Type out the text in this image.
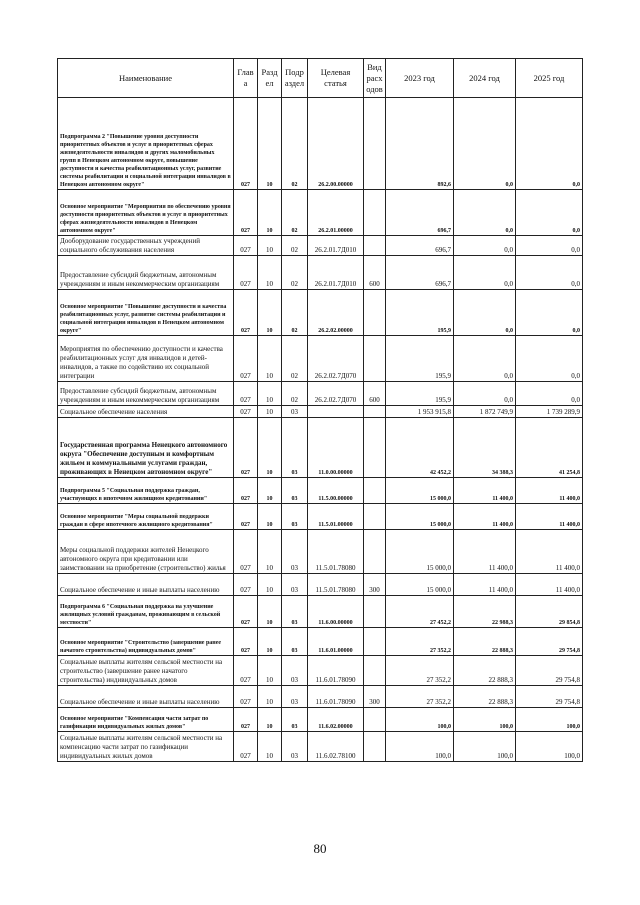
Наименование	Глав а	Разд ел	Подр аздел	Целевая статья	Вид расх одов	2023 год	2024 год	2025 год
Подпрограмма 2 "Повышение уровня доступности приоритетных объектов и услуг в приоритетных сферах жизнедеятельности инвалидов и других маломобильных групп в Ненецком автономном округе, повышение доступности и качества реабилитационных услуг, развитие системы реабилитации и социальной интеграции инвалидов в Ненецком автономном округе"	027	10	02	26.2.00.00000		892,6	0,0	0,0
Основное мероприятие "Мероприятия по обеспечению уровня доступности приоритетных объектов и услуг в приоритетных сферах жизнедеятельности инвалидов в Ненецком автономном округе"	027	10	02	26.2.01.00000		696,7	0,0	0,0
Дооборудование государственных учреждений социального обслуживания населения	027	10	02	26.2.01.7Д010		696,7	0,0	0,0
Предоставление субсидий бюджетным, автономным учреждениям и иным некоммерческим организациям	027	10	02	26.2.01.7Д010	600	696,7	0,0	0,0
Основное мероприятие "Повышение доступности и качества реабилитационных услуг, развитие системы реабилитации и социальной интеграции инвалидов в Ненецком автономном округе"	027	10	02	26.2.02.00000		195,9	0,0	0,0
Мероприятия по обеспечению доступности и качества реабилитационных услуг для инвалидов и детей-инвалидов, а также по содействию их социальной интеграции	027	10	02	26.2.02.7Д070		195,9	0,0	0,0
Предоставление субсидий бюджетным, автономным учреждениям и иным некоммерческим организациям	027	10	02	26.2.02.7Д070	600	195,9	0,0	0,0
Социальное обеспечение населения	027	10	03			1 953 915,8	1 872 749,9	1 739 289,9
Государственная программа Ненецкого автономного округа "Обеспечение доступным и комфортным жильем и коммунальными услугами граждан, проживающих в Ненецком автономном округе"	027	10	03	11.0.00.00000		42 452,2	34 388,3	41 254,8
Подпрограмма 5 "Социальная поддержка граждан, участвующих в ипотечном жилищном кредитовании"	027	10	03	11.5.00.00000		15 000,0	11 400,0	11 400,0
Основное мероприятие "Меры социальной поддержки граждан в сфере ипотечного жилищного кредитования"	027	10	03	11.5.01.00000		15 000,0	11 400,0	11 400,0
Меры социальной поддержки жителей Ненецкого автономного округа при кредитовании или заимствовании на приобретение (строительство) жилья	027	10	03	11.5.01.78080		15 000,0	11 400,0	11 400,0
Социальное обеспечение и иные выплаты населению	027	10	03	11.5.01.78080	300	15 000,0	11 400,0	11 400,0
Подпрограмма 6 "Социальная поддержка на улучшение жилищных условий гражданам, проживающим в сельской местности"	027	10	03	11.6.00.00000		27 452,2	22 988,3	29 854,8
Основное мероприятие "Строительство (завершение ранее начатого строительства) индивидуальных домов"	027	10	03	11.6.01.00000		27 352,2	22 888,3	29 754,8
Социальные выплаты жителям сельской местности на строительство (завершение ранее начатого строительства) индивидуальных домов	027	10	03	11.6.01.78090		27 352,2	22 888,3	29 754,8
Социальное обеспечение и иные выплаты населению	027	10	03	11.6.01.78090	300	27 352,2	22 888,3	29 754,8
Основное мероприятие "Компенсация части затрат по газификации индивидуальных жилых домов"	027	10	03	11.6.02.00000		100,0	100,0	100,0
Социальные выплаты жителям сельской местности на компенсацию части затрат по газификации индивидуальных жилых домов	027	10	03	11.6.02.78100		100,0	100,0	100,0
80
